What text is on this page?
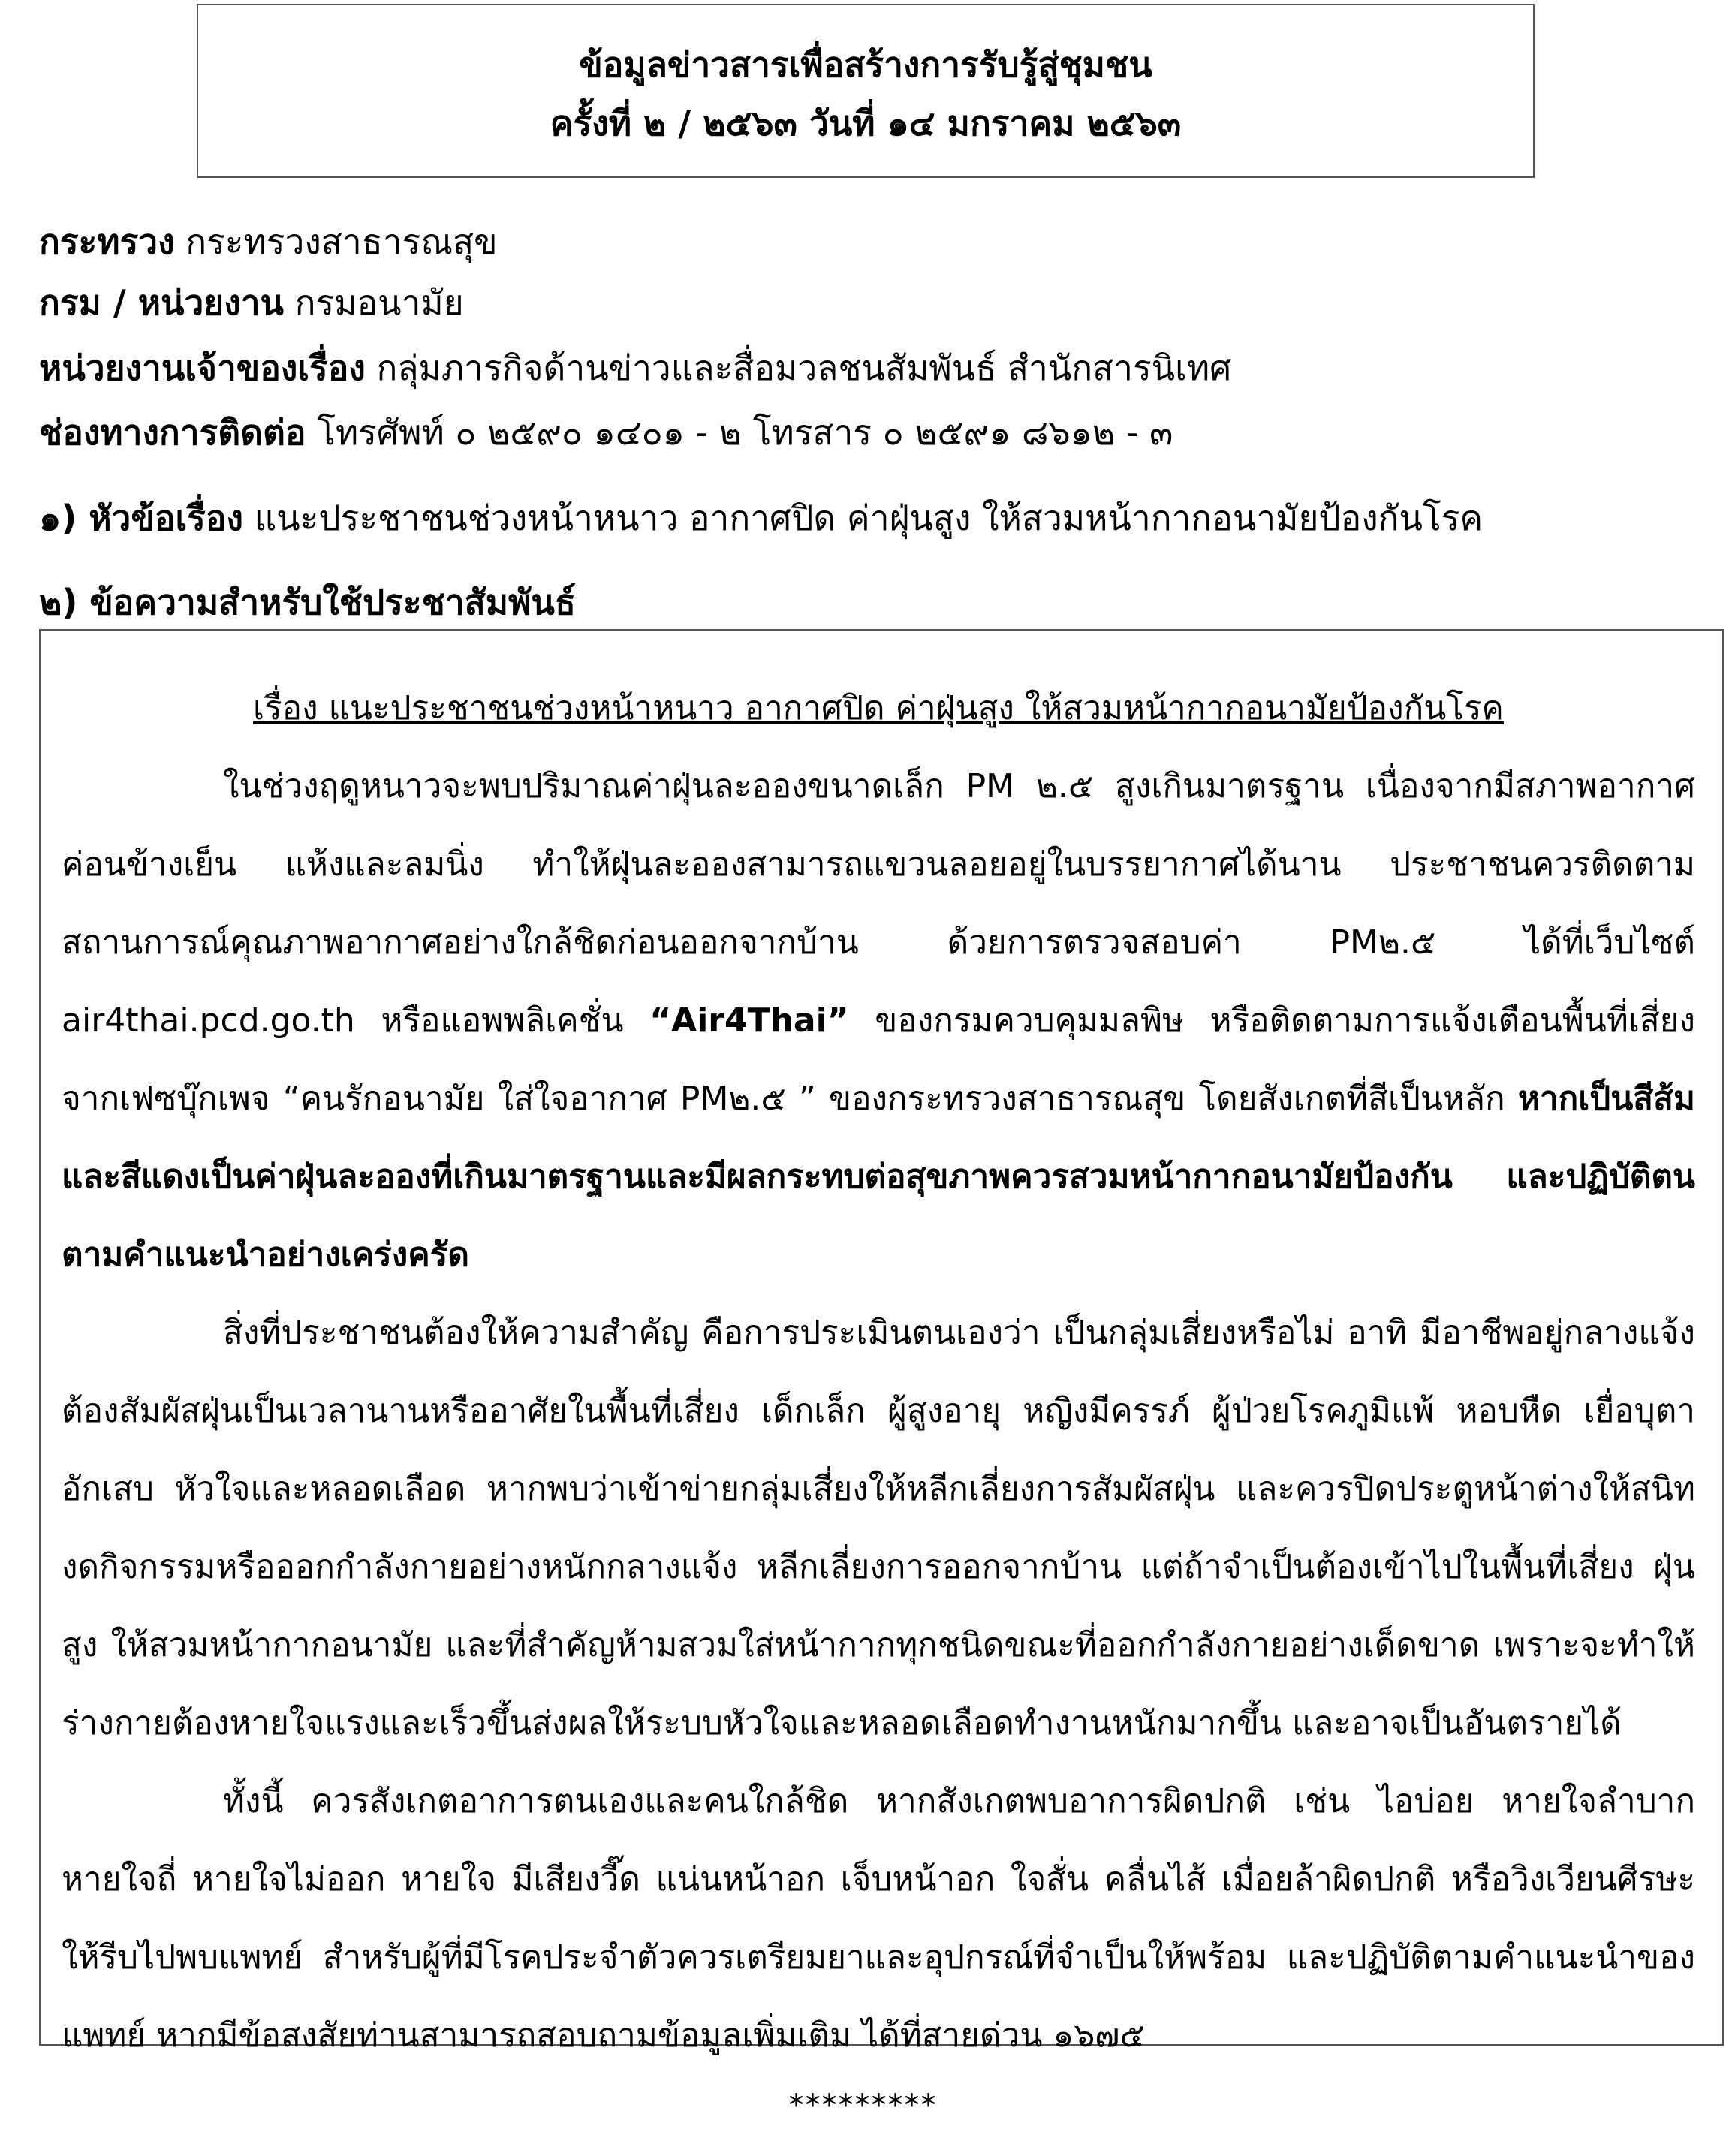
ข้อมูลข่าวสารเพื่อสร้างการรับรู้สู่ชุมชน
ครั้งที่ ๒ / ๒๕๖๓ วันที่ ๑๔ มกราคม ๒๕๖๓
กระทรวง กระทรวงสาธารณสุข
กรม / หน่วยงาน กรมอนามัย
หน่วยงานเจ้าของเรื่อง กลุ่มภารกิจด้านข่าวและสื่อมวลชนสัมพันธ์ สำนักสารนิเทศ
ช่องทางการติดต่อ โทรศัพท์ ๐ ๒๕๙๐ ๑๔๐๑ - ๒ โทรสาร ๐ ๒๕๙๑ ๘๖๑๒ - ๓
๑) หัวข้อเรื่อง แนะประชาชนช่วงหน้าหนาว อากาศปิด ค่าฝุ่นสูง ให้สวมหน้ากากอนามัยป้องกันโรค
๒) ข้อความสำหรับใช้ประชาสัมพันธ์
เรื่อง แนะประชาชนช่วงหน้าหนาว อากาศปิด ค่าฝุ่นสูง ให้สวมหน้ากากอนามัยป้องกันโรค

ในช่วงฤดูหนาวจะพบปริมาณค่าฝุ่นละอองขนาดเล็ก PM ๒.๕ สูงเกินมาตรฐาน เนื่องจากมีสภาพอากาศค่อนข้างเย็น แห้งและลมนิ่ง ทำให้ฝุ่นละอองสามารถแขวนลอยอยู่ในบรรยากาศได้นาน ประชาชนควรติดตามสถานการณ์คุณภาพอากาศอย่างใกล้ชิดก่อนออกจากบ้าน ด้วยการตรวจสอบค่า PM๒.๕ ได้ที่เว็บไซต์ air4thai.pcd.go.th หรือแอพพลิเคชั่น “Air4Thai” ของกรมควบคุมมลพิษ หรือติดตามการแจ้งเตือนพื้นที่เสี่ยง จากเฟซบุ๊กเพจ “คนรักอนามัย ใส่ใจอากาศ PM๒.๕ ” ของกระทรวงสาธารณสุข โดยสังเกตที่สีเป็นหลัก หากเป็นสีส้มและสีแดงเป็นค่าฝุ่นละอองที่เกินมาตรฐานและมีผลกระทบต่อสุขภาพควรสวมหน้ากากอนามัยป้องกัน และปฏิบัติตนตามคำแนะนำอย่างเคร่งครัด

สิ่งที่ประชาชนต้องให้ความสำคัญ คือการประเมินตนเองว่า เป็นกลุ่มเสี่ยงหรือไม่ อาทิ มีอาชีพอยู่กลางแจ้งต้องสัมผัสฝุ่นเป็นเวลานานหรืออาศัยในพื้นที่เสี่ยง เด็กเล็ก ผู้สูงอายุ หญิงมีครรภ์ ผู้ป่วยโรคภูมิแพ้ หอบหืด เยื่อบุตาอักเสบ หัวใจและหลอดเลือด หากพบว่าเข้าข่ายกลุ่มเสี่ยงให้หลีกเลี่ยงการสัมผัสฝุ่น และควรปิดประตูหน้าต่างให้สนิท งดกิจกรรมหรือออกกำลังกายอย่างหนักกลางแจ้ง หลีกเลี่ยงการออกจากบ้าน แต่ถ้าจำเป็นต้องเข้าไปในพื้นที่เสี่ยง ฝุ่นสูง ให้สวมหน้ากากอนามัย และที่สำคัญห้ามสวมใส่หน้ากากทุกชนิดขณะที่ออกกำลังกายอย่างเด็ดขาด เพราะจะทำให้ร่างกายต้องหายใจแรงและเร็วขึ้นส่งผลให้ระบบหัวใจและหลอดเลือดทำงานหนักมากขึ้น และอาจเป็นอันตรายได้

ทั้งนี้ ควรสังเกตอาการตนเองและคนใกล้ชิด หากสังเกตพบอาการผิดปกติ เช่น ไอบ่อย หายใจลำบาก หายใจถี่ หายใจไม่ออก หายใจ มีเสียงวี๊ด แน่นหน้าอก เจ็บหน้าอก ใจสั่น คลื่นไส้ เมื่อยล้าผิดปกติ หรือวิงเวียนศีรษะ ให้รีบไปพบแพทย์ สำหรับผู้ที่มีโรคประจำตัวควรเตรียมยาและอุปกรณ์ที่จำเป็นให้พร้อม และปฏิบัติตามคำแนะนำของแพทย์ หากมีข้อสงสัยท่านสามารถสอบถามข้อมูลเพิ่มเติม ได้ที่สายด่วน ๑๖๗๕

*********
